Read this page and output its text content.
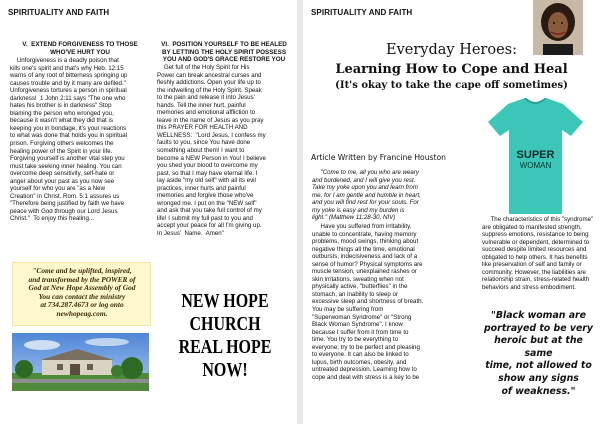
SPIRITUALITY AND FAITH
V.  EXTEND FORGIVENESS TO THOSE
WHO'VE HURT YOU
Unforgiveness is a deadly poison that
kills one's spirit and that's why Heb. 12:15
warns of any root of bitterness springing up
causes trouble and by it many are defiled."
Unforgiveness tortures a person in spiritual
darkness!  1 John 2:11 says "The one who
hates his brother is in darkness" Stop
blaming the person who wronged you,
because it wasn't what they did that is
keeping you in bondage, it's your reactions
to what was done that holds you in spiritual
prison. Forgiving others welcomes the
healing power of the Spirit in your life.
Forgiving yourself is another vital step you
must take seeking inner healing. You can
overcome deep sensitivity, self-hate or
anger about your past as you now see
yourself for who you are "as a New
Creation" in Christ. Rom. 5:1 assures us
"Therefore being justified by faith we have
peace with God through our Lord Jesus
Christ."  To enjoy this healing...
VI.  POSITION YOURSELF TO BE HEALED
BY LETTING THE HOLY SPIRIT POSSESS
YOU AND GOD'S GRACE RESTORE YOU
Get full of the Holy Spirit for His
Power can break ancestral curses and
fleshly addictions. Open your life up to
the indwelling of the Holy Spirit. Speak
to the pain and release it into Jesus'
hands. Tell the inner hurt, painful
memories and emotional affliction to
leave in the name of Jesus as you pray
this PRAYER FOR HEALTH AND
WELLNESS:  "Lord Jesus, I confess my
faults to you, since You have done
something about them! I want to
become a NEW Person in You! I believe
you shed your blood to overcome my
past, so that I may have eternal life. I
lay aside "my old self" with all its evil
practices, inner hurts and painful
memories and forgive those who've
wronged me. I put on the "NEW self"
and ask that you take full control of my
life! I submit my full past to you and
accept your peace for all I'm giving up.
In Jesus'  Name.  Amen"
"Come and be uplifted, inspired,
and transformed by the POWER of
God at New Hope Assembly of God
You can contact the ministry
at 734.287.4673 or log onto
newhopeag.com.
NEW HOPE
CHURCH
REAL HOPE
NOW!
SPIRITUALITY AND FAITH
Everyday Heroes:
Learning How to Cope and Heal
(It's okay to take the cape off sometimes)
Article Written by Francine Houston	SUPER
WOMAN
"Come to me, all you who are weary
and burdened, and I will give you rest.
Take my yoke upon you and learn from
me, for I am gentle and humble in heart,
and you will find rest for your souls. For
my yoke is easy and my burden is
light." (Matthew 11:28-30, NIV)
Have you suffered from irritability,
unable to concentrate, having memory
problems, mood swings, thinking about
negative things all the time, emotional
outbursts, indecisiveness and lack of a
sense of humor? Physical symptoms are
muscle tension, unexplained rashes or
skin irritations, sweating when not
physically active, "butterflies" in the
stomach, an inability to sleep or
excessive sleep and shortness of breath.
You may be suffering from
"Superwoman Syndrome" or "Strong
Black Woman Syndrome". I know
because I suffer from it from time to
time. You try to be everything to
everyone; try to be perfect and pleasing
to everyone. It can also be linked to
lupus, birth outcomes, obesity, and
untreated depression. Learning how to
cope and deal with stress is a key to be
The characteristics of this "syndrome"
are obligated to manifested strength,
suppress emotions, resistance to being
vulnerable or dependent, determined to
succeed despite limited resources and
obligated to help others. It has benefits
like preservation of self and family or
community. However, the liabilities are
relationship strain, stress-related health
behaviors and stress embodiment.
"Black woman are
portrayed to be very
heroic but at the same
time, not allowed to
show any signs
of weakness."
